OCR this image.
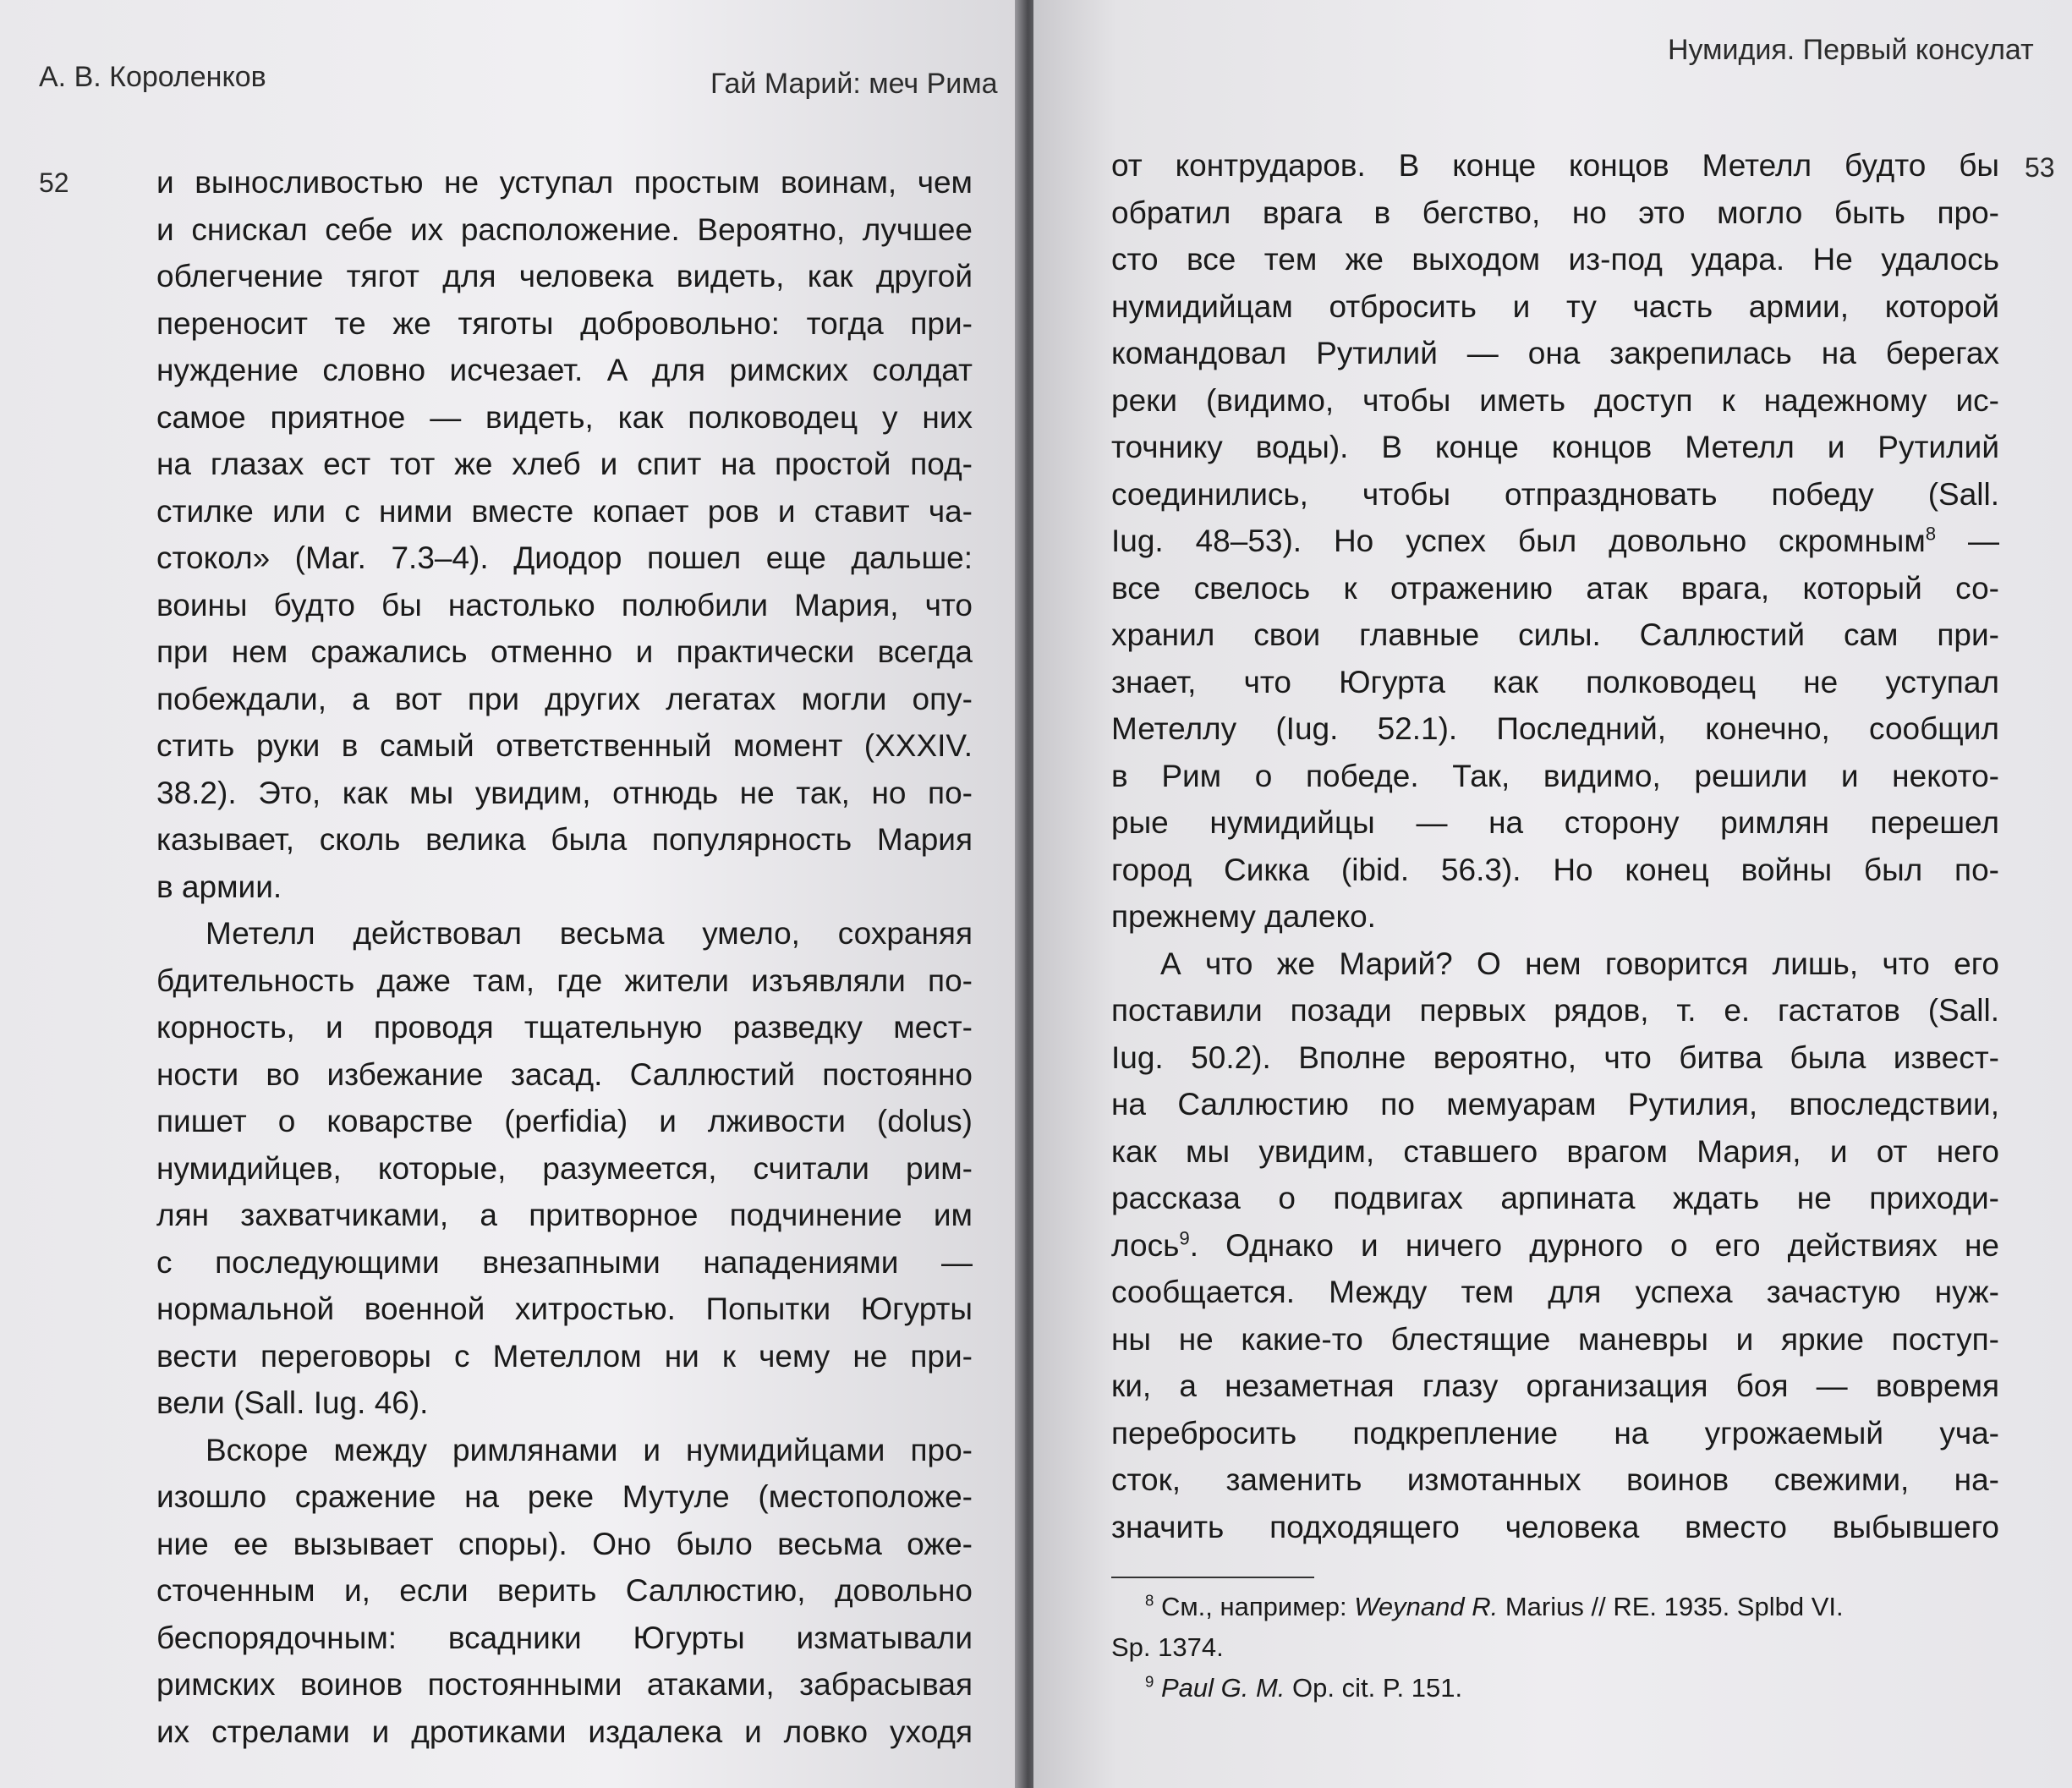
А. В. Короленков	Гай Марий: меч Рима
52	и выносливостью не уступал простым воинам, чем
и снискал себе их расположение. Вероятно, лучшее
облегчение тягот для человека видеть, как другой
переносит те же тяготы добровольно: тогда при-
нуждение словно исчезает. А для римских солдат
самое приятное — видеть, как полководец у них
на глазах ест тот же хлеб и спит на простой под-
стилке или с ними вместе копает ров и ставит ча-
стокол» (Mar. 7.3–4). Диодор пошел еще дальше:
воины будто бы настолько полюбили Мария, что
при нем сражались отменно и практически всегда
побеждали, а вот при других легатах могли опу-
стить руки в самый ответственный момент (XXXIV.
38.2). Это, как мы увидим, отнюдь не так, но по-
казывает, сколь велика была популярность Мария
в армии.
Метелл действовал весьма умело, сохраняя
бдительность даже там, где жители изъявляли по-
корность, и проводя тщательную разведку мест-
ности во избежание засад. Саллюстий постоянно
пишет о коварстве (perfidia) и лживости (dolus)
нумидийцев, которые, разумеется, считали рим-
лян захватчиками, а притворное подчинение им
с последующими внезапными нападениями —
нормальной военной хитростью. Попытки Югурты
вести переговоры с Метеллом ни к чему не при-
вели (Sall. Iug. 46).
Вскоре между римлянами и нумидийцами про-
изошло сражение на реке Мутуле (местоположе-
ние ее вызывает споры). Оно было весьма оже-
сточенным и, если верить Саллюстию, довольно
беспорядочным: всадники Югурты изматывали
римских воинов постоянными атаками, забрасывая
их стрелами и дротиками издалека и ловко уходя
Нумидия. Первый консулат
53
от контрударов. В конце концов Метелл будто бы
обратил врага в бегство, но это могло быть про-
сто все тем же выходом из-под удара. Не удалось
нумидийцам отбросить и ту часть армии, которой
командовал Рутилий — она закрепилась на берегах
реки (видимо, чтобы иметь доступ к надежному ис-
точнику воды). В конце концов Метелл и Рутилий
соединились, чтобы отпраздновать победу (Sall.
Iug. 48–53). Но успех был довольно скромным$^8$ —
все свелось к отражению атак врага, который со-
хранил свои главные силы. Саллюстий сам при-
знает, что Югурта как полководец не уступал
Метеллу (Iug. 52.1). Последний, конечно, сообщил
в Рим о победе. Так, видимо, решили и некото-
рые нумидийцы — на сторону римлян перешел
город Сикка (ibid. 56.3). Но конец войны был по-
прежнему далеко.
А что же Марий? О нем говорится лишь, что его
поставили позади первых рядов, т. е. гастатов (Sall.
Iug. 50.2). Вполне вероятно, что битва была извест-
на Саллюстию по мемуарам Рутилия, впоследствии,
как мы увидим, ставшего врагом Мария, и от него
рассказа о подвигах арпината ждать не приходи-
лось$^9$. Однако и ничего дурного о его действиях не
сообщается. Между тем для успеха зачастую нуж-
ны не какие-то блестящие маневры и яркие поступ-
ки, а незаметная глазу организация боя — вовремя
перебросить подкрепление на угрожаемый уча-
сток, заменить измотанных воинов свежими, на-
значить подходящего человека вместо выбывшего
$^8$ См., например: Weynand R. Marius // RE. 1935. Splbd VI.
Sp. 1374.
$^9$ Paul G. M. Op. cit. P. 151.
